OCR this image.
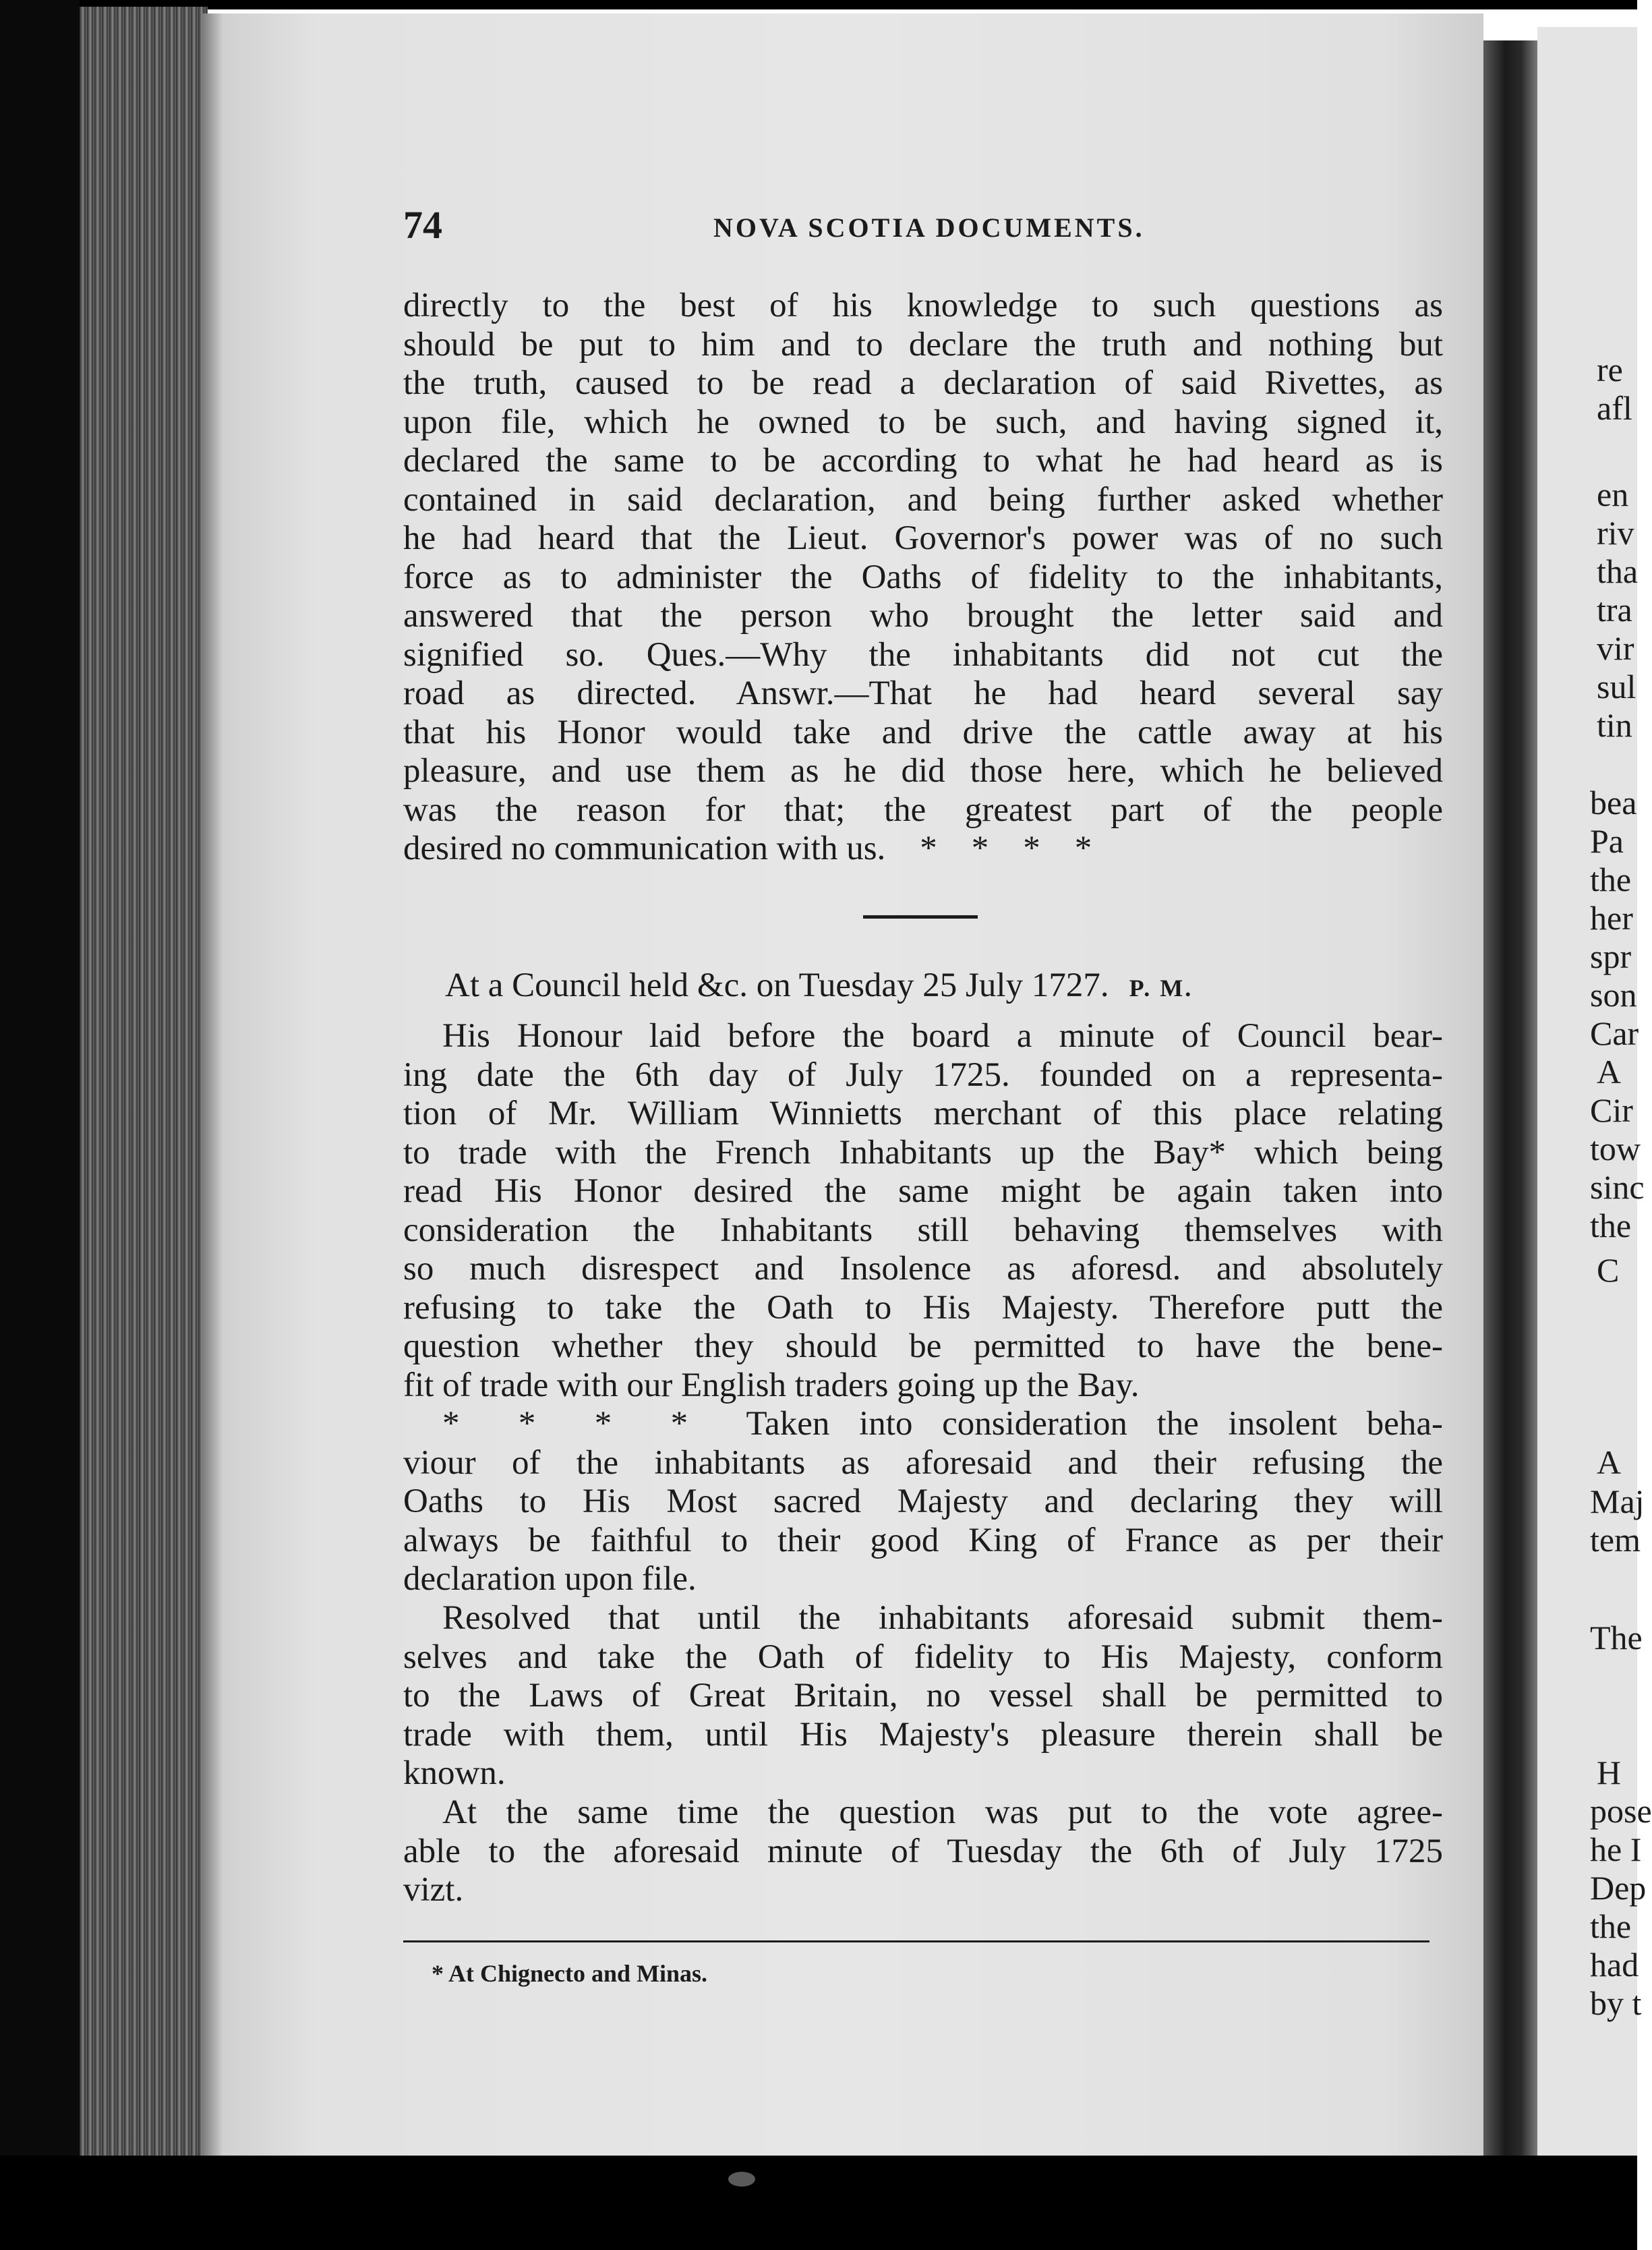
re
afl
en
riv
tha
tra
vir
sul
tin
bea
Pa
the
her
spr
son
Car
A
Cir
tow
sinc
the
C
A
Maj
tem
The
H
pose
he I
Dep
the
had
by t
74	NOVA SCOTIA DOCUMENTS.
directly to the best of his knowledge to such questions as
should be put to him and to declare the truth and nothing but
the truth, caused to be read a declaration of said Rivettes, as
upon file, which he owned to be such, and having signed it,
declared the same to be according to what he had heard as is
contained in said declaration, and being further asked whether
he had heard that the Lieut. Governor's power was of no such
force as to administer the Oaths of fidelity to the inhabitants,
answered that the person who brought the letter said and
signified so. Ques.—Why the inhabitants did not cut the
road as directed. Answr.—That he had heard several say
that his Honor would take and drive the cattle away at his
pleasure, and use them as he did those here, which he believed
was the reason for that; the greatest part of the people
desired no communication with us.    *    *    *    *
At a Council held &c. on Tuesday 25 July 1727. P. M.
His Honour laid before the board a minute of Council bear-
ing date the 6th day of July 1725. founded on a representa-
tion of Mr. William Winnietts merchant of this place relating
to trade with the French Inhabitants up the Bay* which being
read His Honor desired the same might be again taken into
consideration the Inhabitants still behaving themselves with
so much disrespect and Insolence as aforesd. and absolutely
refusing to take the Oath to His Majesty. Therefore putt the
question whether they should be permitted to have the bene-
fit of trade with our English traders going up the Bay.
*  *  *  *  Taken into consideration the insolent beha-
viour of the inhabitants as aforesaid and their refusing the
Oaths to His Most sacred Majesty and declaring they will
always be faithful to their good King of France as per their
declaration upon file.
Resolved that until the inhabitants aforesaid submit them-
selves and take the Oath of fidelity to His Majesty, conform
to the Laws of Great Britain, no vessel shall be permitted to
trade with them, until His Majesty's pleasure therein shall be
known.
At the same time the question was put to the vote agree-
able to the aforesaid minute of Tuesday the 6th of July 1725
vizt.
* At Chignecto and Minas.
